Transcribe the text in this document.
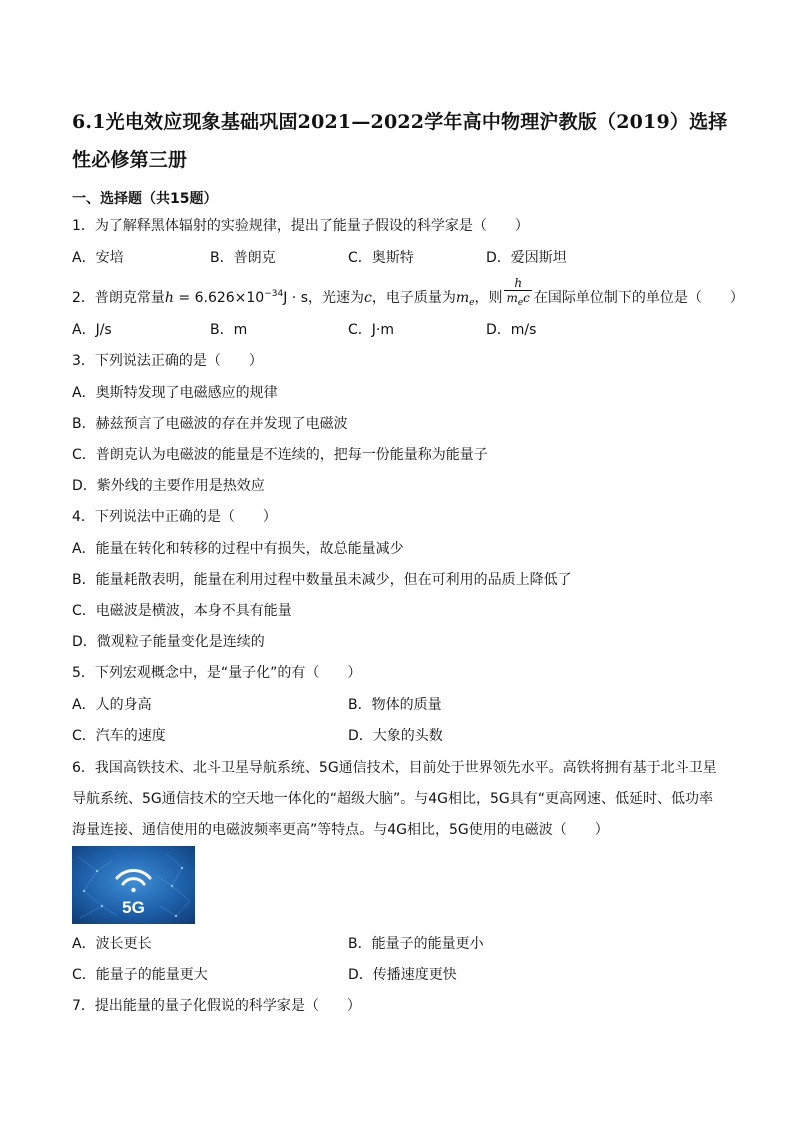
6.1光电效应现象基础巩固2021—2022学年高中物理沪教版（2019）选择性必修第三册
一、选择题（共15题）
1．为了解释黑体辐射的实验规律，提出了能量子假设的科学家是（　　）
A．安培	B．普朗克	C．奥斯特	D．爱因斯坦
2．普朗克常量$h = 6.626\times 10^{-34}J \cdot s$，光速为c，电子质量为$m_e$，则 $\frac{h}{m_ec}$ 在国际单位制下的单位是（　　）
A．J/s	B．m	C．J·m	D．m/s
3．下列说法正确的是（　　）
A．奥斯特发现了电磁感应的规律
B．赫兹预言了电磁波的存在并发现了电磁波
C．普朗克认为电磁波的能量是不连续的，把每一份能量称为能量子
D．紫外线的主要作用是热效应
4．下列说法中正确的是（　　）
A．能量在转化和转移的过程中有损失，故总能量减少
B．能量耗散表明，能量在利用过程中数量虽未减少，但在可利用的品质上降低了
C．电磁波是横波，本身不具有能量
D．微观粒子能量变化是连续的
5．下列宏观概念中，是“量子化”的有（　　）
A．人的身高	B．物体的质量
C．汽车的速度	D．大象的头数
6．我国高铁技术、北斗卫星导航系统、5G通信技术，目前处于世界领先水平。高铁将拥有基于北斗卫星
导航系统、5G通信技术的空天地一体化的“超级大脑”。与4G相比，5G具有“更高网速、低延时、低功率
海量连接、通信使用的电磁波频率更高”等特点。与4G相比，5G使用的电磁波（　　）
5G
A．波长更长	B．能量子的能量更小
C．能量子的能量更大	D．传播速度更快
7．提出能量的量子化假说的科学家是（　　）
